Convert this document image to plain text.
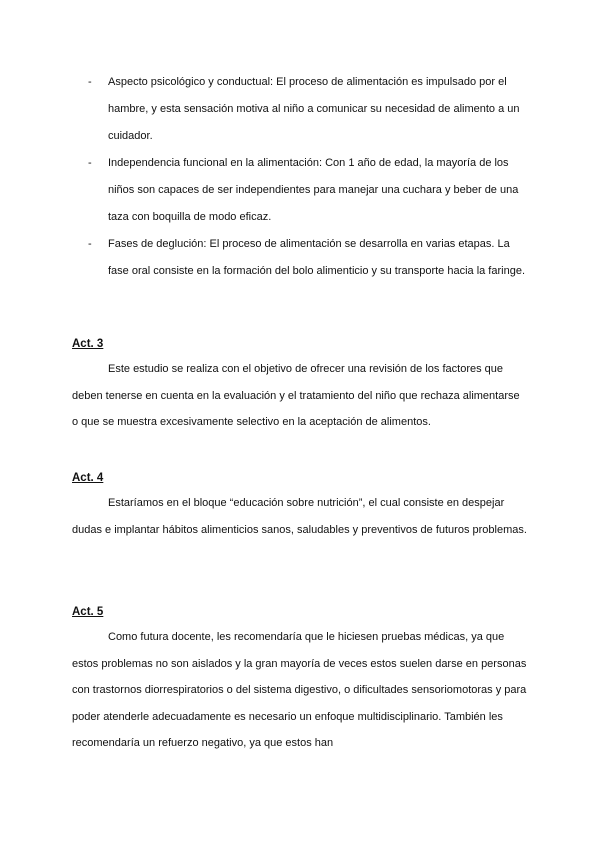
- Aspecto psicológico y conductual: El proceso de alimentación es impulsado por el hambre, y esta sensación motiva al niño a comunicar su necesidad de alimento a un cuidador.
- Independencia funcional en la alimentación: Con 1 año de edad, la mayoría de los niños son capaces de ser independientes para manejar una cuchara y beber de una taza con boquilla de modo eficaz.
- Fases de deglución: El proceso de alimentación se desarrolla en varias etapas. La fase oral consiste en la formación del bolo alimenticio y su transporte hacia la faringe.

Act. 3

Este estudio se realiza con el objetivo de ofrecer una revisión de los factores que deben tenerse en cuenta en la evaluación y el tratamiento del niño que rechaza alimentarse o que se muestra excesivamente selectivo en la aceptación de alimentos.

Act. 4

Estaríamos en el bloque “educación sobre nutrición”, el cual consiste en despejar dudas e implantar hábitos alimenticios sanos, saludables y preventivos de futuros problemas.

Act. 5

Como futura docente, les recomendaría que le hiciesen pruebas médicas, ya que estos problemas no son aislados y la gran mayoría de veces estos suelen darse en personas con trastornos diorrespiratorios o del sistema digestivo, o dificultades sensoriomotoras y para poder atenderle adecuadamente es necesario un enfoque multidisciplinario. También les recomendaría un refuerzo negativo, ya que estos han
